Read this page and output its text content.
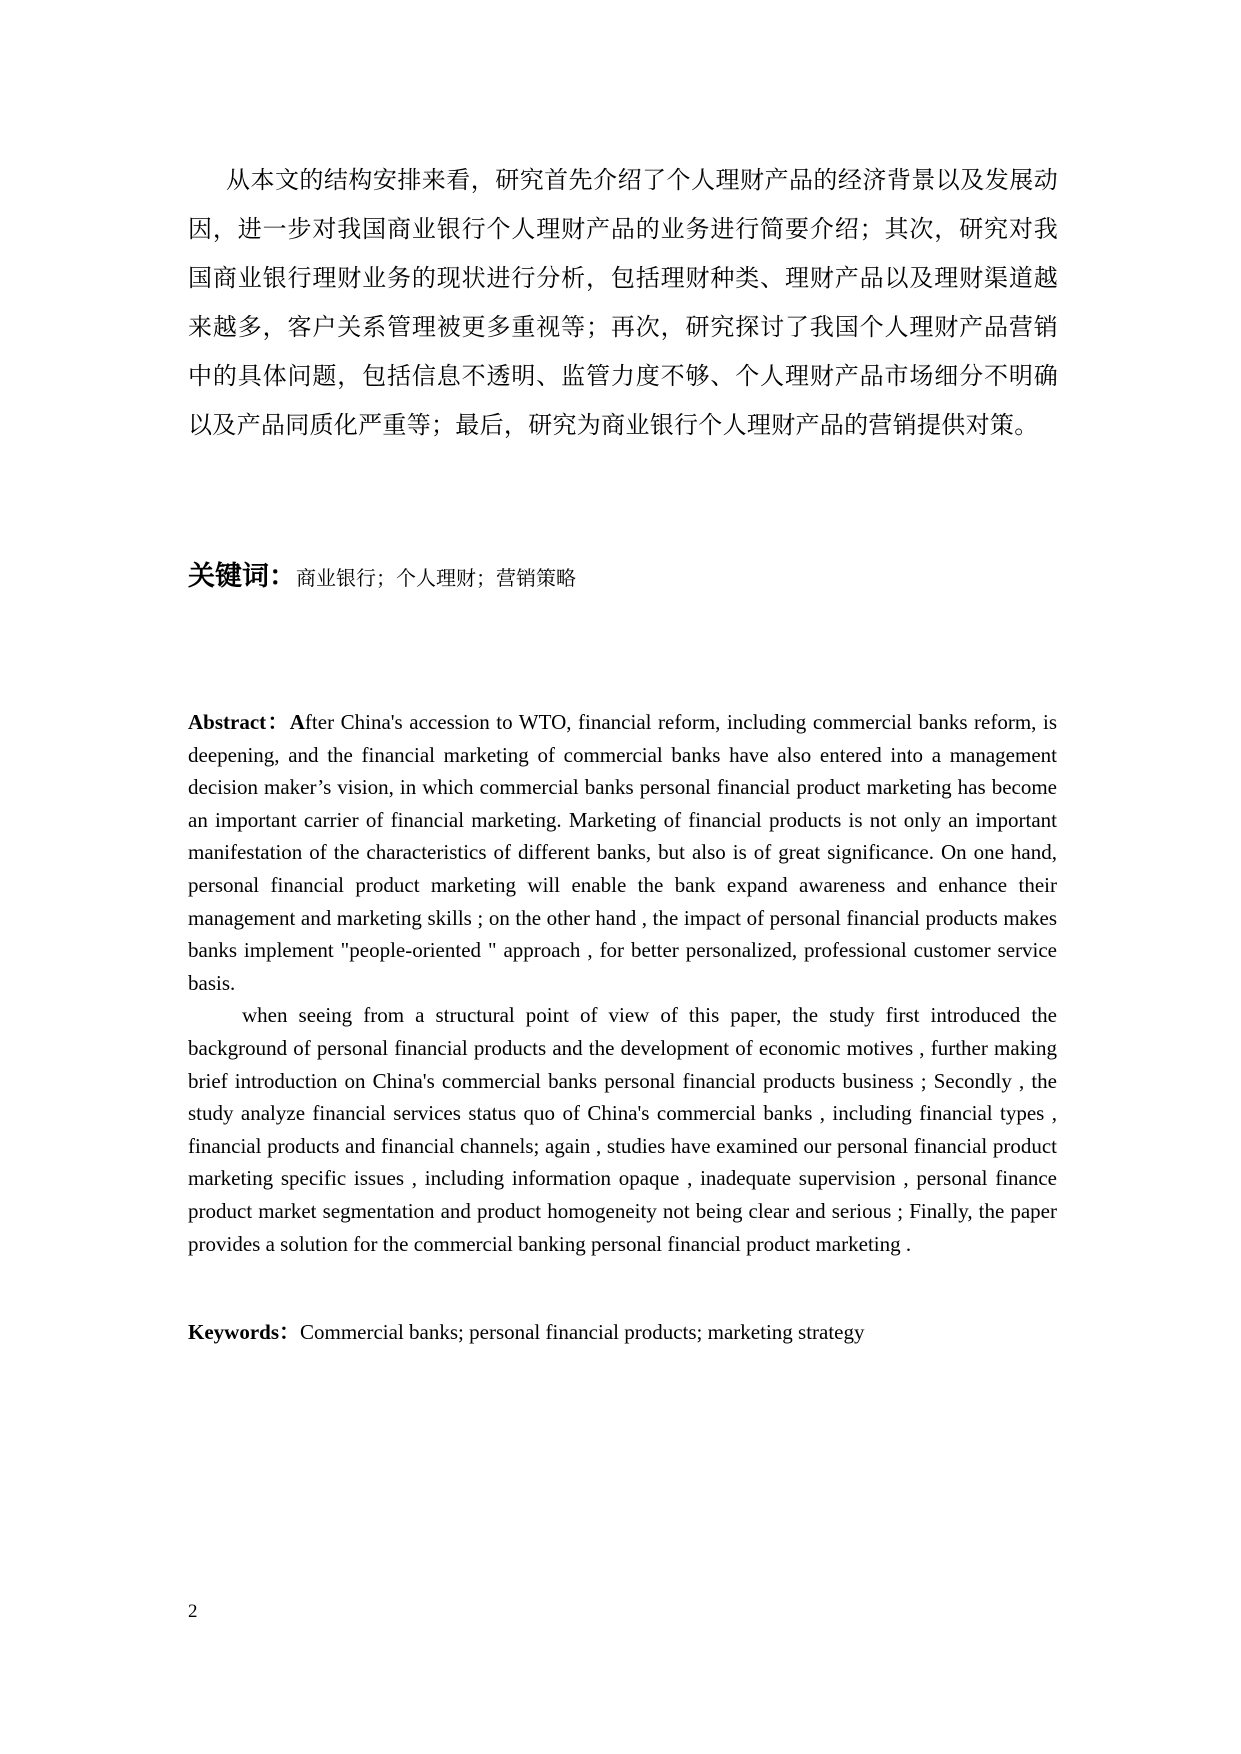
从本文的结构安排来看，研究首先介绍了个人理财产品的经济背景以及发展动因，进一步对我国商业银行个人理财产品的业务进行简要介绍；其次，研究对我国商业银行理财业务的现状进行分析，包括理财种类、理财产品以及理财渠道越来越多，客户关系管理被更多重视等；再次，研究探讨了我国个人理财产品营销中的具体问题，包括信息不透明、监管力度不够、个人理财产品市场细分不明确以及产品同质化严重等；最后，研究为商业银行个人理财产品的营销提供对策。

关键词：商业银行；个人理财；营销策略

Abstract：After China's accession to WTO, financial reform, including commercial banks reform, is deepening, and the financial marketing of commercial banks have also entered into a management decision maker’s vision, in which commercial banks personal financial product marketing has become an important carrier of financial marketing. Marketing of financial products is not only an important manifestation of the characteristics of different banks, but also is of great significance. On one hand, personal financial product marketing will enable the bank expand awareness and enhance their management and marketing skills ; on the other hand , the impact of personal financial products makes banks implement "people-oriented " approach , for better personalized, professional customer service basis.

when seeing from a structural point of view of this paper, the study first introduced the background of personal financial products and the development of economic motives , further making brief introduction on China's commercial banks personal financial products business ; Secondly , the study analyze financial services status quo of China's commercial banks , including financial types , financial products and financial channels; again , studies have examined our personal financial product marketing specific issues , including information opaque , inadequate supervision , personal finance product market segmentation and product homogeneity not being clear and serious ; Finally, the paper provides a solution for the commercial banking personal financial product marketing .

Keywords：Commercial banks; personal financial products; marketing strategy

2
